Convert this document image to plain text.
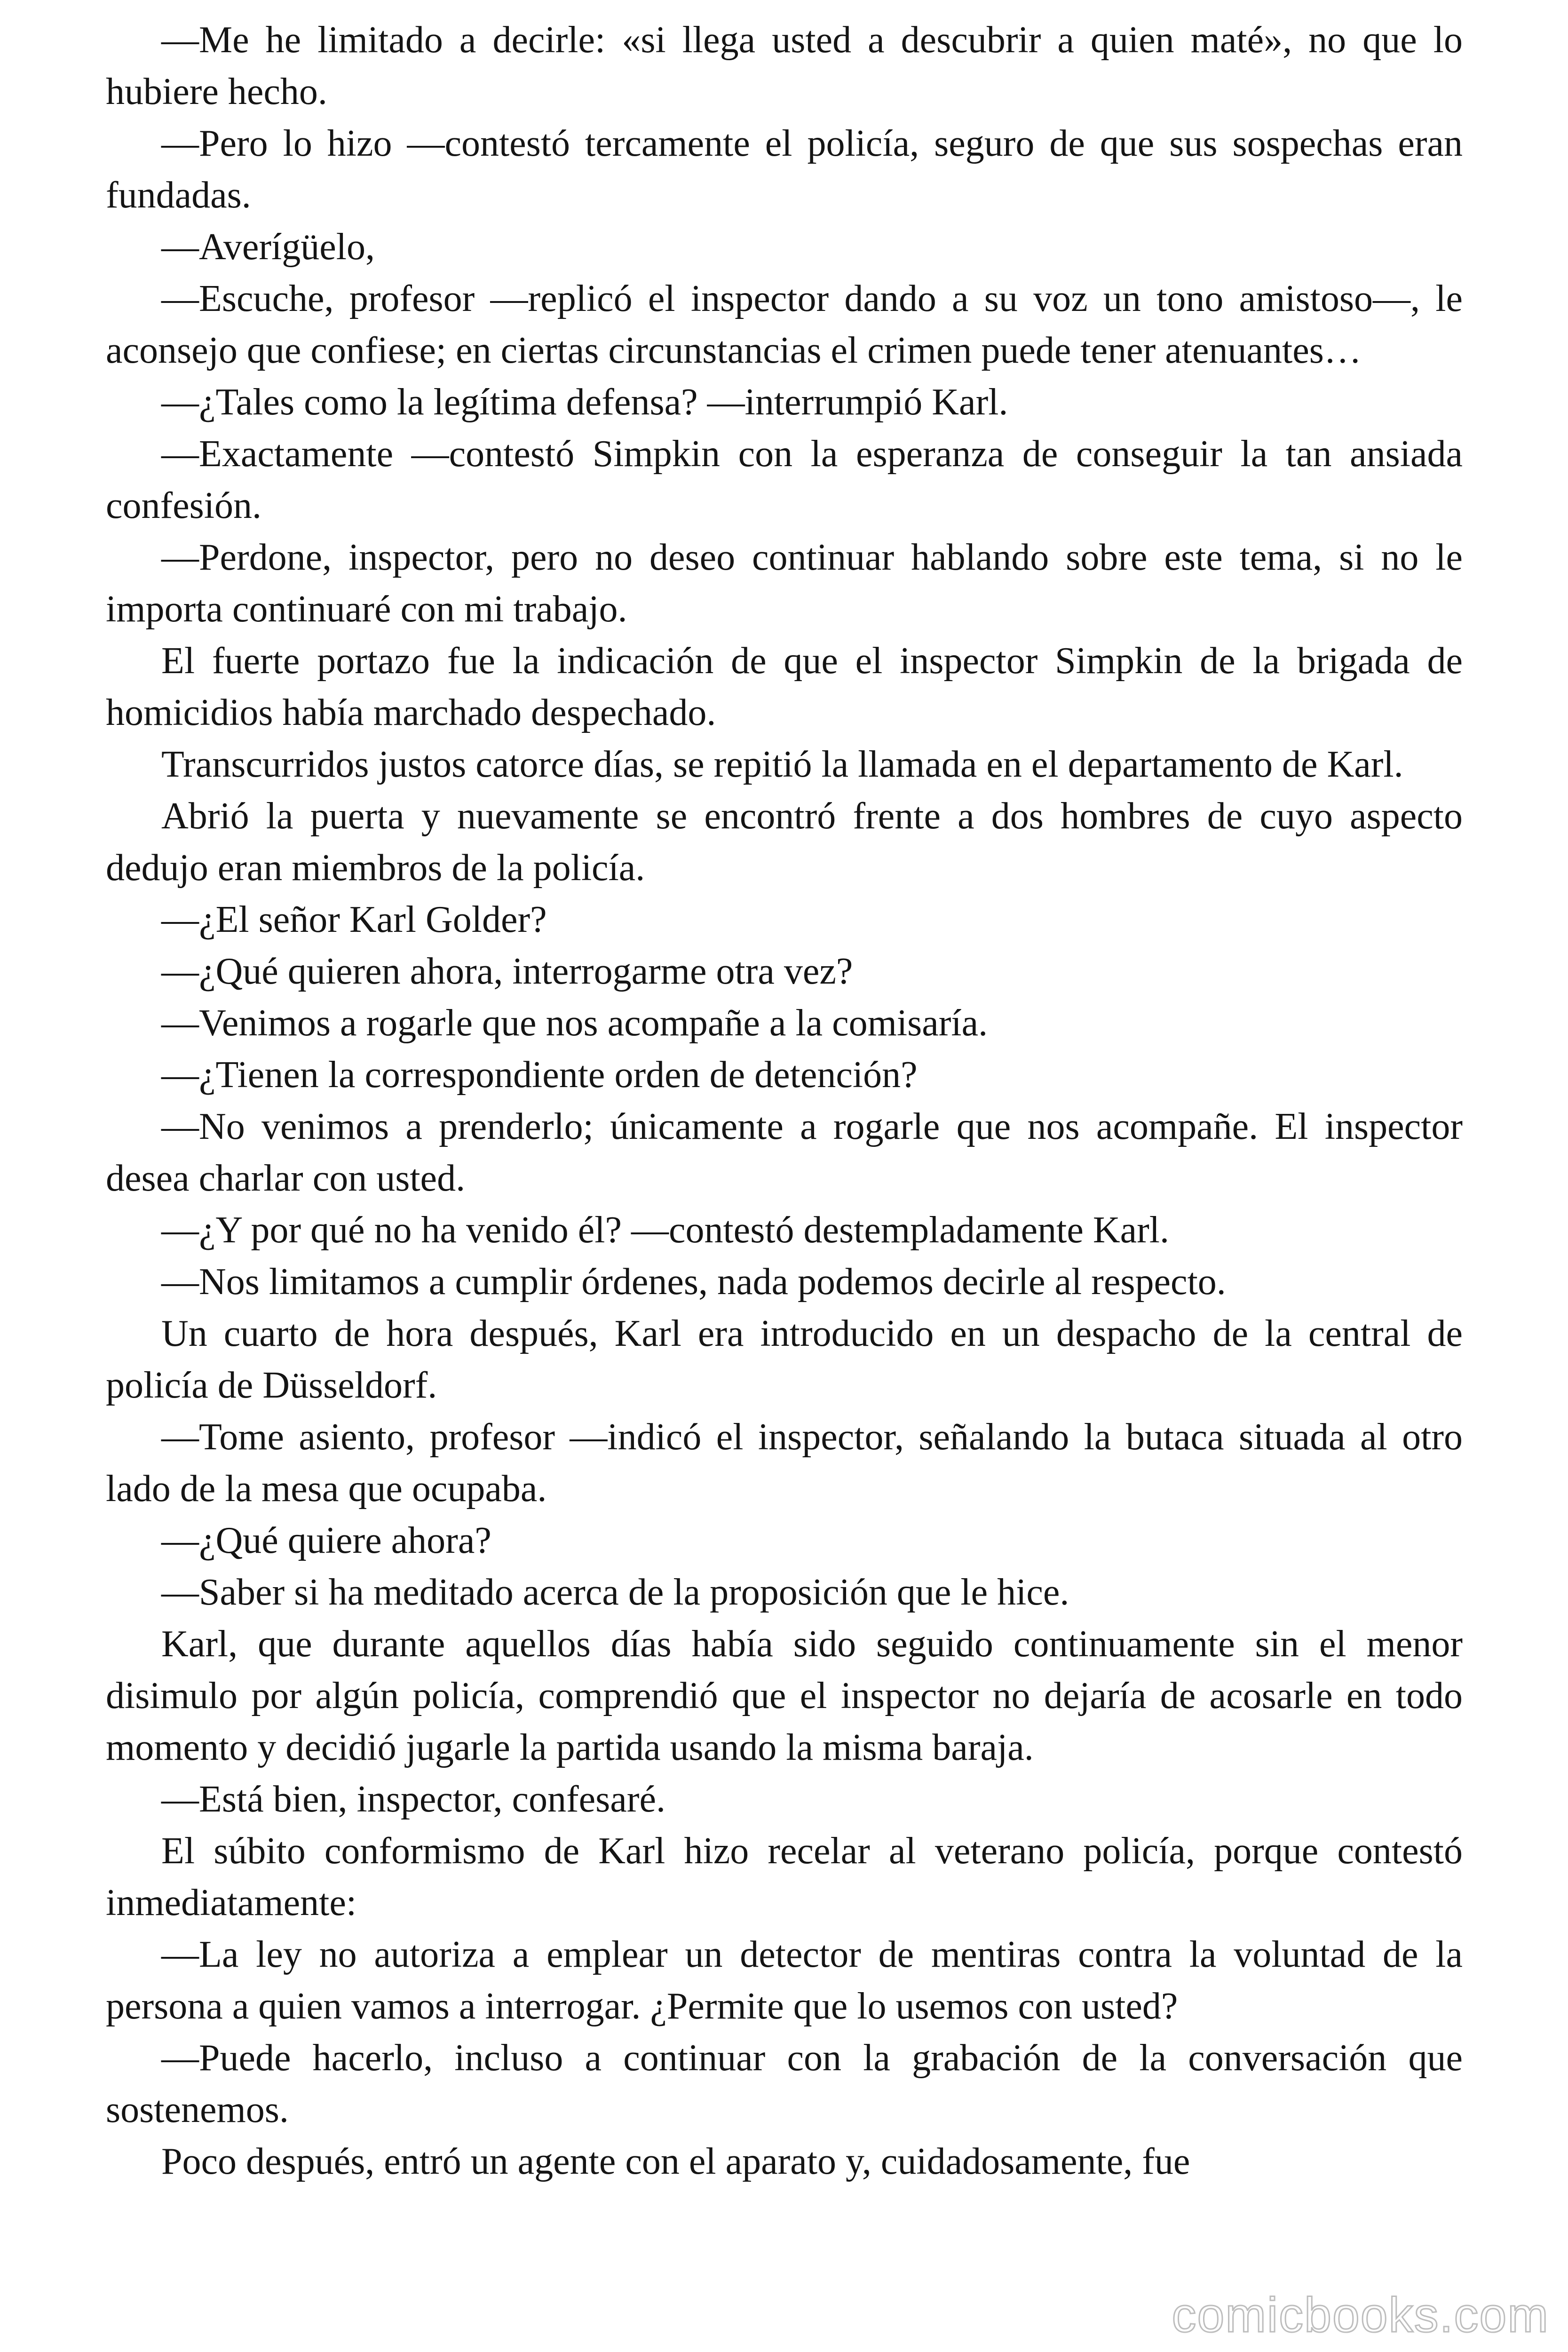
—Me he limitado a decirle: «si llega usted a descubrir a quien maté», no que lo hubiere hecho.

—Pero lo hizo —contestó tercamente el policía, seguro de que sus sospechas eran fundadas.

—Averígüelo,

—Escuche, profesor —replicó el inspector dando a su voz un tono amistoso—, le aconsejo que confiese; en ciertas circunstancias el crimen puede tener atenuantes…

—¿Tales como la legítima defensa? —interrumpió Karl.

—Exactamente —contestó Simpkin con la esperanza de conseguir la tan ansiada confesión.

—Perdone, inspector, pero no deseo continuar hablando sobre este tema, si no le importa continuaré con mi trabajo.

El fuerte portazo fue la indicación de que el inspector Simpkin de la brigada de homicidios había marchado despechado.

Transcurridos justos catorce días, se repitió la llamada en el departamento de Karl.

Abrió la puerta y nuevamente se encontró frente a dos hombres de cuyo aspecto dedujo eran miembros de la policía.

—¿El señor Karl Golder?

—¿Qué quieren ahora, interrogarme otra vez?

—Venimos a rogarle que nos acompañe a la comisaría.

—¿Tienen la correspondiente orden de detención?

—No venimos a prenderlo; únicamente a rogarle que nos acompañe. El inspector desea charlar con usted.

—¿Y por qué no ha venido él? —contestó destempladamente Karl.

—Nos limitamos a cumplir órdenes, nada podemos decirle al respecto.

Un cuarto de hora después, Karl era introducido en un despacho de la central de policía de Düsseldorf.

—Tome asiento, profesor —indicó el inspector, señalando la butaca situada al otro lado de la mesa que ocupaba.

—¿Qué quiere ahora?

—Saber si ha meditado acerca de la proposición que le hice.

Karl, que durante aquellos días había sido seguido continuamente sin el menor disimulo por algún policía, comprendió que el inspector no dejaría de acosarle en todo momento y decidió jugarle la partida usando la misma baraja.

—Está bien, inspector, confesaré.

El súbito conformismo de Karl hizo recelar al veterano policía, porque contestó inmediatamente:

—La ley no autoriza a emplear un detector de mentiras contra la voluntad de la persona a quien vamos a interrogar. ¿Permite que lo usemos con usted?

—Puede hacerlo, incluso a continuar con la grabación de la conversación que sostenemos.

Poco después, entró un agente con el aparato y, cuidadosamente, fue

comicbooks.com
